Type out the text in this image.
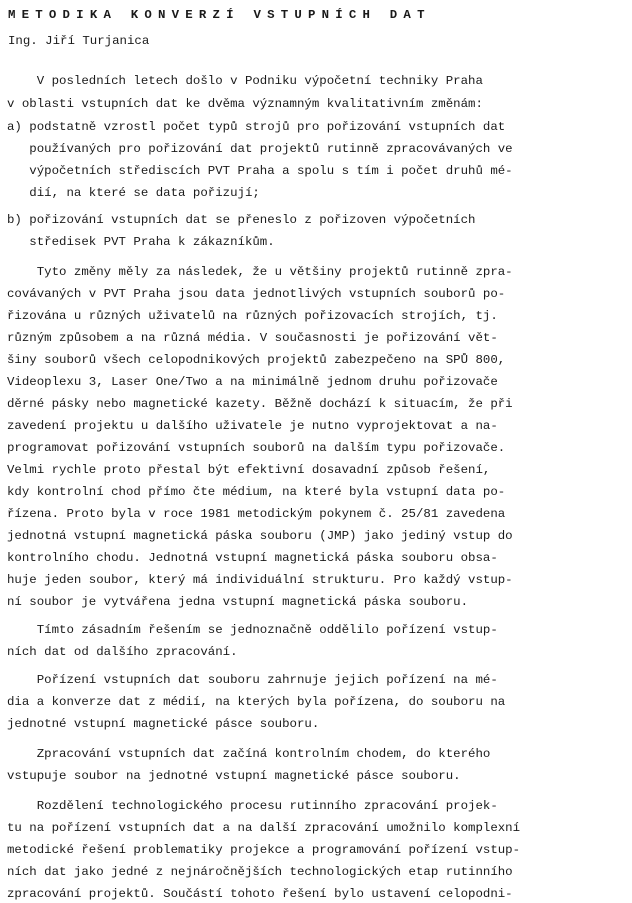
METODIKA KONVERZÍ VSTUPNÍCH DAT
Ing. Jiří Turjanica
V posledních letech došlo v Podniku výpočetní techniky Praha
v oblasti vstupních dat ke dvěma významným kvalitativním změnám:
a) podstatně vzrostl počet typů strojů pro pořizování vstupních dat
používaných pro pořizování dat projektů rutinně zpracovávaných ve
výpočetních střediscích PVT Praha a spolu s tím i počet druhů mé-
dií, na které se data pořizují;
b) pořizování vstupních dat se přeneslo z pořizoven výpočetních
středisek PVT Praha k zákazníkům.
Tyto změny měly za následek, že u většiny projektů rutinně zpra-
covávaných v PVT Praha jsou data jednotlivých vstupních souborů po-
řizována u různých uživatelů na různých pořizovacích strojích, tj.
různým způsobem a na různá média. V současnosti je pořizování vět-
šiny souborů všech celopodnikových projektů zabezpečeno na SPŮ 800,
Videoplexu 3, Laser One/Two a na minimálně jednom druhu pořizovače
děrné pásky nebo magnetické kazety. Běžně dochází k situacím, že při
zavedení projektu u dalšího uživatele je nutno vyprojektovat a na-
programovat pořizování vstupních souborů na dalším typu pořizovače.
Velmi rychle proto přestal být efektivní dosavadní způsob řešení,
kdy kontrolní chod přímo čte médium, na které byla vstupní data po-
řízena. Proto byla v roce 1981 metodickým pokynem č. 25/81 zavedena
jednotná vstupní magnetická páska souboru (JMP) jako jediný vstup do
kontrolního chodu. Jednotná vstupní magnetická páska souboru obsa-
huje jeden soubor, který má individuální strukturu. Pro každý vstup-
ní soubor je vytvářena jedna vstupní magnetická páska souboru.
Tímto zásadním řešením se jednoznačně oddělilo pořízení vstup-
ních dat od dalšího zpracování.
Pořízení vstupních dat souboru zahrnuje jejich pořízení na mé-
dia a konverze dat z médií, na kterých byla pořízena, do souboru na
jednotné vstupní magnetické pásce souboru.
Zpracování vstupních dat začíná kontrolním chodem, do kterého
vstupuje soubor na jednotné vstupní magnetické pásce souboru.
Rozdělení technologického procesu rutinního zpracování projek-
tu na pořízení vstupních dat a na další zpracování umožnilo komplexní
metodické řešení problematiky projekce a programování pořízení vstup-
ních dat jako jedné z nejnáročnějších technologických etap rutinního
zpracování projektů. Součástí tohoto řešení bylo ustavení celopodni-
